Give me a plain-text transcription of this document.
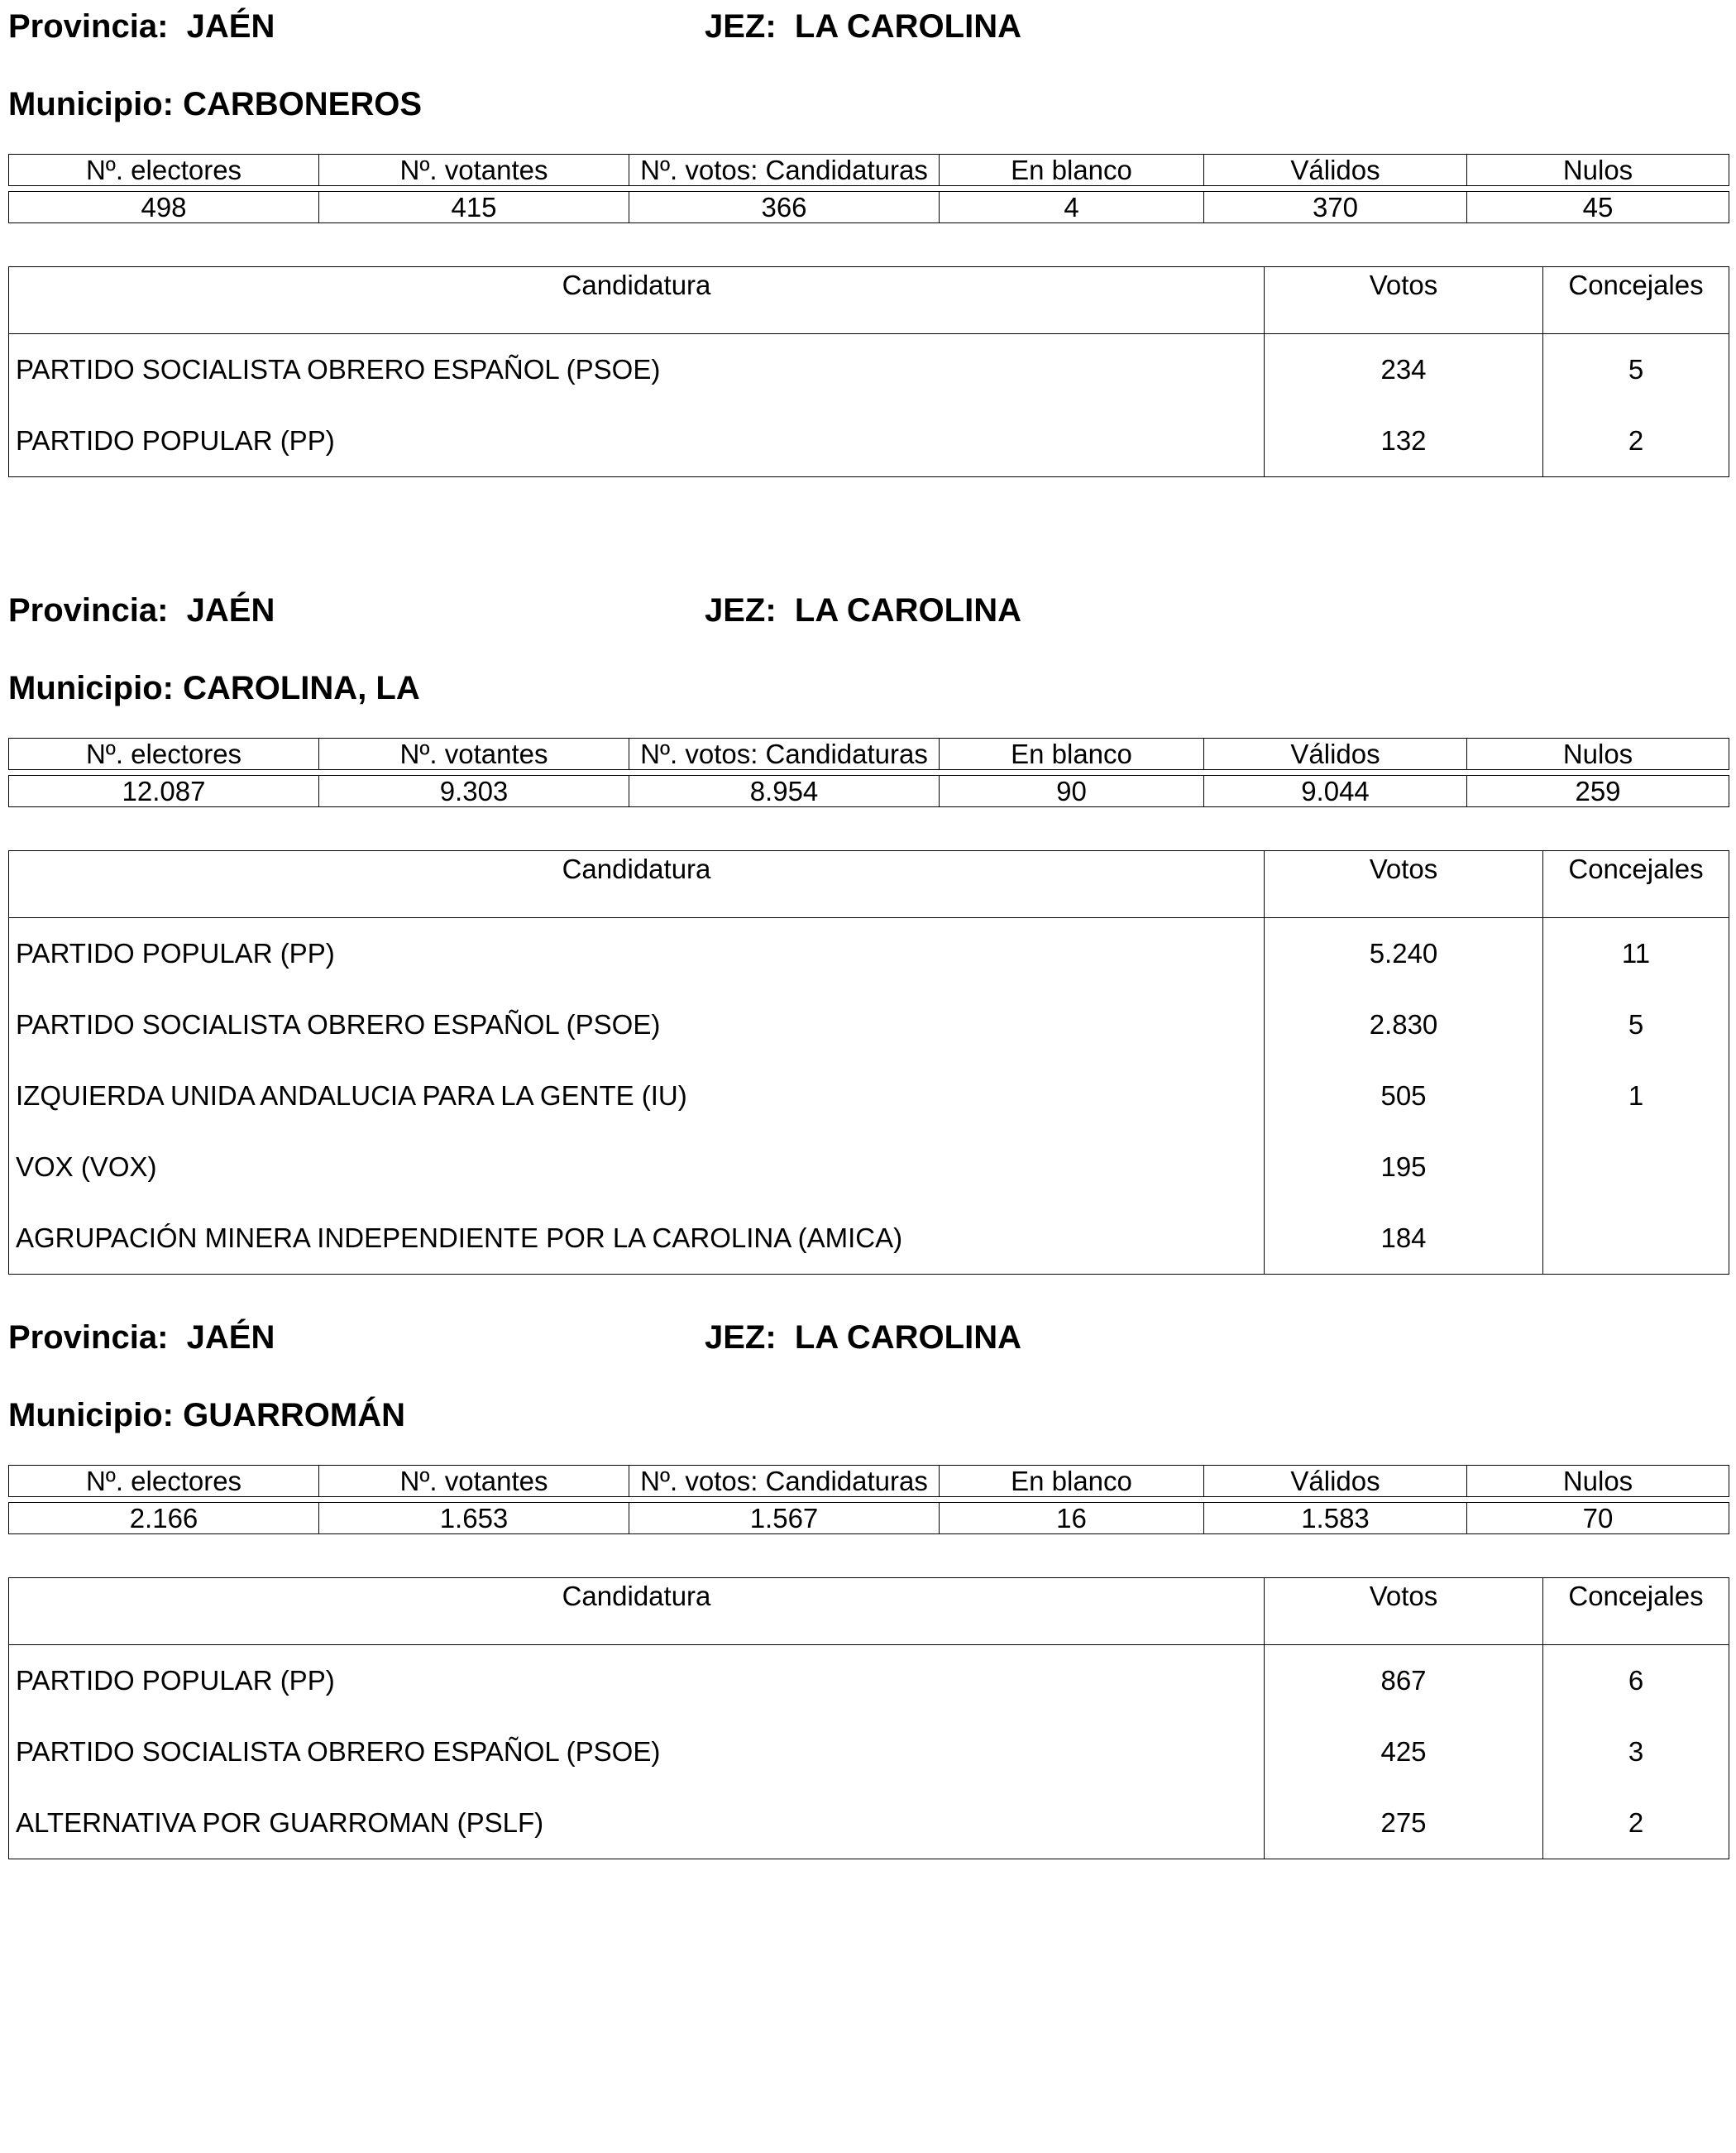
Provincia: JAÉN	JEZ: LA CAROLINA
Municipio: CARBONEROS
Nº. electores	Nº. votantes	Nº. votos: Candidaturas	En blanco	Válidos	Nulos

498	415	366	4	370	45
Candidatura	Votos	Concejales
PARTIDO SOCIALISTA OBRERO ESPAÑOL (PSOE)	234	5
PARTIDO POPULAR (PP)	132	2
Provincia: JAÉN	JEZ: LA CAROLINA
Municipio: CAROLINA, LA
Nº. electores	Nº. votantes	Nº. votos: Candidaturas	En blanco	Válidos	Nulos

12.087	9.303	8.954	90	9.044	259
Candidatura	Votos	Concejales
PARTIDO POPULAR (PP)	5.240	11
PARTIDO SOCIALISTA OBRERO ESPAÑOL (PSOE)	2.830	5
IZQUIERDA UNIDA ANDALUCIA PARA LA GENTE (IU)	505	1
VOX (VOX)	195	
AGRUPACIÓN MINERA INDEPENDIENTE POR LA CAROLINA (AMICA)	184	
Provincia: JAÉN	JEZ: LA CAROLINA
Municipio: GUARROMÁN
Nº. electores	Nº. votantes	Nº. votos: Candidaturas	En blanco	Válidos	Nulos

2.166	1.653	1.567	16	1.583	70
Candidatura	Votos	Concejales
PARTIDO POPULAR (PP)	867	6
PARTIDO SOCIALISTA OBRERO ESPAÑOL (PSOE)	425	3
ALTERNATIVA POR GUARROMAN (PSLF)	275	2
